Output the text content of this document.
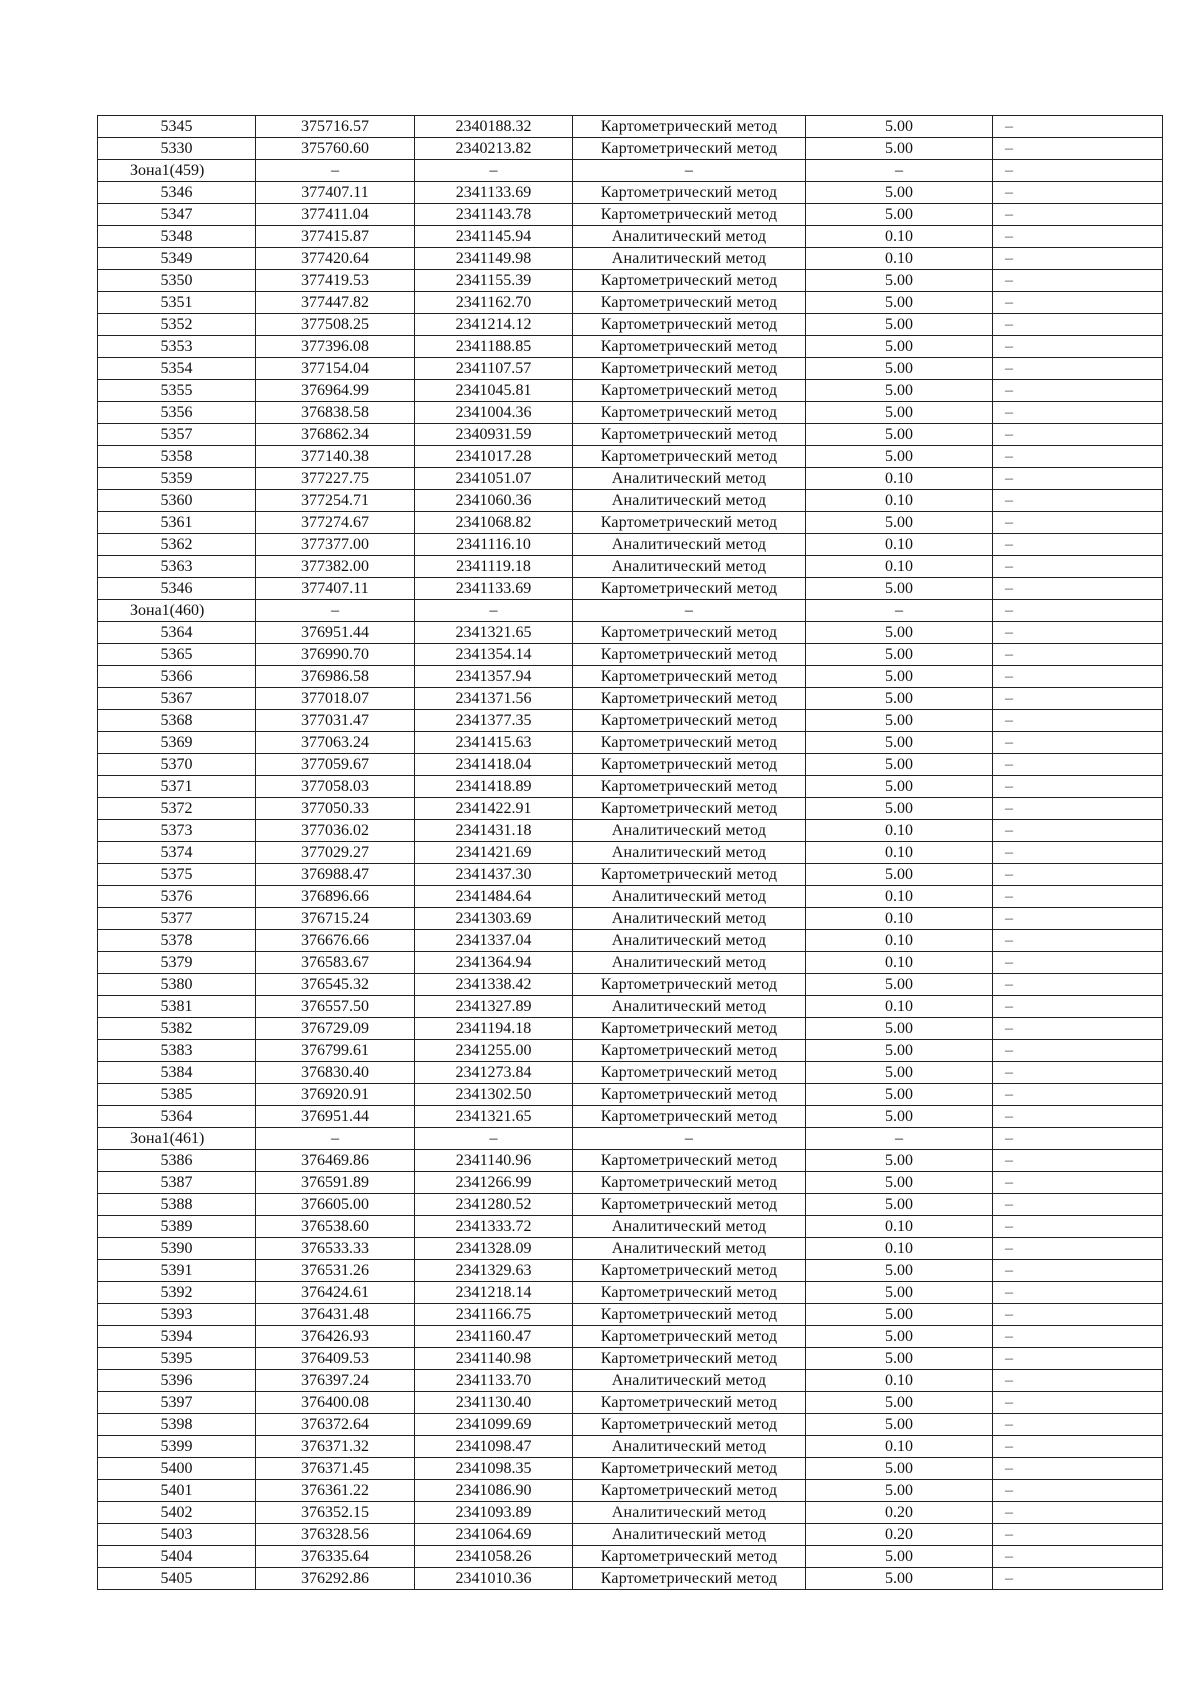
5345	375716.57	2340188.32	Картометрический метод	5.00	–
5330	375760.60	2340213.82	Картометрический метод	5.00	–
Зона1(459)	–	–	–	–	–
5346	377407.11	2341133.69	Картометрический метод	5.00	–
5347	377411.04	2341143.78	Картометрический метод	5.00	–
5348	377415.87	2341145.94	Аналитический метод	0.10	–
5349	377420.64	2341149.98	Аналитический метод	0.10	–
5350	377419.53	2341155.39	Картометрический метод	5.00	–
5351	377447.82	2341162.70	Картометрический метод	5.00	–
5352	377508.25	2341214.12	Картометрический метод	5.00	–
5353	377396.08	2341188.85	Картометрический метод	5.00	–
5354	377154.04	2341107.57	Картометрический метод	5.00	–
5355	376964.99	2341045.81	Картометрический метод	5.00	–
5356	376838.58	2341004.36	Картометрический метод	5.00	–
5357	376862.34	2340931.59	Картометрический метод	5.00	–
5358	377140.38	2341017.28	Картометрический метод	5.00	–
5359	377227.75	2341051.07	Аналитический метод	0.10	–
5360	377254.71	2341060.36	Аналитический метод	0.10	–
5361	377274.67	2341068.82	Картометрический метод	5.00	–
5362	377377.00	2341116.10	Аналитический метод	0.10	–
5363	377382.00	2341119.18	Аналитический метод	0.10	–
5346	377407.11	2341133.69	Картометрический метод	5.00	–
Зона1(460)	–	–	–	–	–
5364	376951.44	2341321.65	Картометрический метод	5.00	–
5365	376990.70	2341354.14	Картометрический метод	5.00	–
5366	376986.58	2341357.94	Картометрический метод	5.00	–
5367	377018.07	2341371.56	Картометрический метод	5.00	–
5368	377031.47	2341377.35	Картометрический метод	5.00	–
5369	377063.24	2341415.63	Картометрический метод	5.00	–
5370	377059.67	2341418.04	Картометрический метод	5.00	–
5371	377058.03	2341418.89	Картометрический метод	5.00	–
5372	377050.33	2341422.91	Картометрический метод	5.00	–
5373	377036.02	2341431.18	Аналитический метод	0.10	–
5374	377029.27	2341421.69	Аналитический метод	0.10	–
5375	376988.47	2341437.30	Картометрический метод	5.00	–
5376	376896.66	2341484.64	Аналитический метод	0.10	–
5377	376715.24	2341303.69	Аналитический метод	0.10	–
5378	376676.66	2341337.04	Аналитический метод	0.10	–
5379	376583.67	2341364.94	Аналитический метод	0.10	–
5380	376545.32	2341338.42	Картометрический метод	5.00	–
5381	376557.50	2341327.89	Аналитический метод	0.10	–
5382	376729.09	2341194.18	Картометрический метод	5.00	–
5383	376799.61	2341255.00	Картометрический метод	5.00	–
5384	376830.40	2341273.84	Картометрический метод	5.00	–
5385	376920.91	2341302.50	Картометрический метод	5.00	–
5364	376951.44	2341321.65	Картометрический метод	5.00	–
Зона1(461)	–	–	–	–	–
5386	376469.86	2341140.96	Картометрический метод	5.00	–
5387	376591.89	2341266.99	Картометрический метод	5.00	–
5388	376605.00	2341280.52	Картометрический метод	5.00	–
5389	376538.60	2341333.72	Аналитический метод	0.10	–
5390	376533.33	2341328.09	Аналитический метод	0.10	–
5391	376531.26	2341329.63	Картометрический метод	5.00	–
5392	376424.61	2341218.14	Картометрический метод	5.00	–
5393	376431.48	2341166.75	Картометрический метод	5.00	–
5394	376426.93	2341160.47	Картометрический метод	5.00	–
5395	376409.53	2341140.98	Картометрический метод	5.00	–
5396	376397.24	2341133.70	Аналитический метод	0.10	–
5397	376400.08	2341130.40	Картометрический метод	5.00	–
5398	376372.64	2341099.69	Картометрический метод	5.00	–
5399	376371.32	2341098.47	Аналитический метод	0.10	–
5400	376371.45	2341098.35	Картометрический метод	5.00	–
5401	376361.22	2341086.90	Картометрический метод	5.00	–
5402	376352.15	2341093.89	Аналитический метод	0.20	–
5403	376328.56	2341064.69	Аналитический метод	0.20	–
5404	376335.64	2341058.26	Картометрический метод	5.00	–
5405	376292.86	2341010.36	Картометрический метод	5.00	–
